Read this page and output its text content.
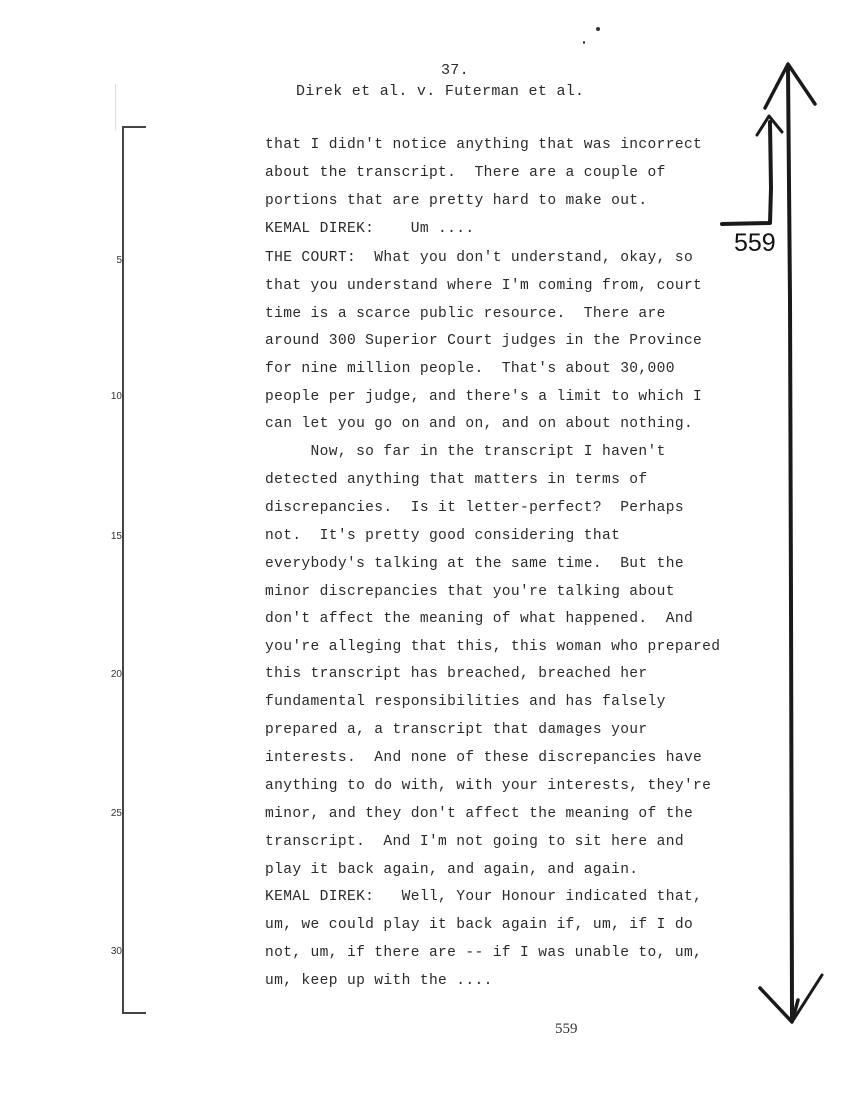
37.
Direk et al. v. Futerman et al.
5
10
15
20
25
30
that I didn't notice anything that was incorrect
about the transcript.  There are a couple of
portions that are pretty hard to make out.
KEMAL DIREK:    Um ....
THE COURT:  What you don't understand, okay, so
that you understand where I'm coming from, court
time is a scarce public resource.  There are
around 300 Superior Court judges in the Province
for nine million people.  That's about 30,000
people per judge, and there's a limit to which I
can let you go on and on, and on about nothing.
Now, so far in the transcript I haven't
detected anything that matters in terms of
discrepancies.  Is it letter-perfect?  Perhaps
not.  It's pretty good considering that
everybody's talking at the same time.  But the
minor discrepancies that you're talking about
don't affect the meaning of what happened.  And
you're alleging that this, this woman who prepared
this transcript has breached, breached her
fundamental responsibilities and has falsely
prepared a, a transcript that damages your
interests.  And none of these discrepancies have
anything to do with, with your interests, they're
minor, and they don't affect the meaning of the
transcript.  And I'm not going to sit here and
play it back again, and again, and again.
KEMAL DIREK:   Well, Your Honour indicated that,
um, we could play it back again if, um, if I do
not, um, if there are -- if I was unable to, um,
um, keep up with the ....
559
559
